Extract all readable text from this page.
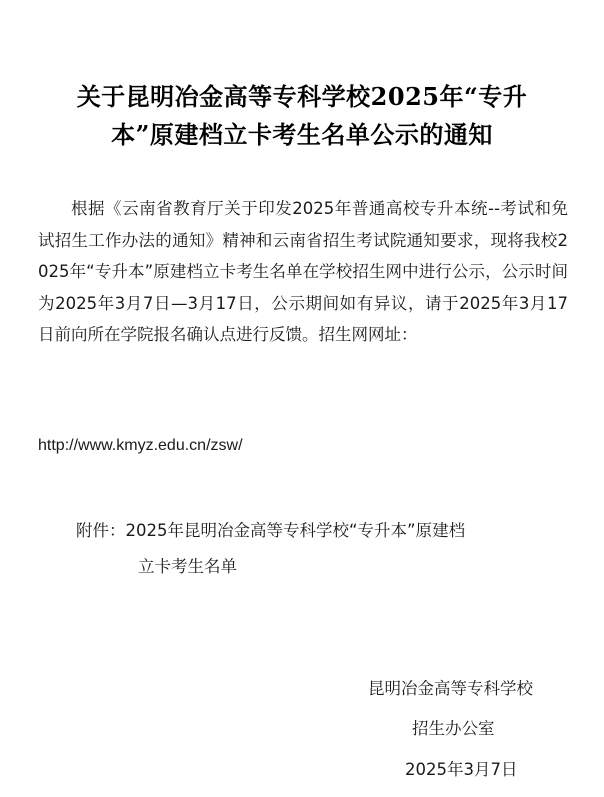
关于昆明冶金高等专科学校2025年“专升
本”原建档立卡考生名单公示的通知
根据《云南省教育厅关于印发2025年普通高校专升本统--考试和免试招生工作办法的通知》精神和云南省招生考试院通知要求，现将我校2025年“专升本”原建档立卡考生名单在学校招生网中进行公示，公示时间为2025年3月7日—3月17日，公示期间如有异议，请于2025年3月17日前向所在学院报名确认点进行反馈。招生网网址：
http://www.kmyz.edu.cn/zsw/
附件：2025年昆明冶金高等专科学校“专升本”原建档
立卡考生名单
昆明冶金高等专科学校
招生办公室
2025年3月7日
